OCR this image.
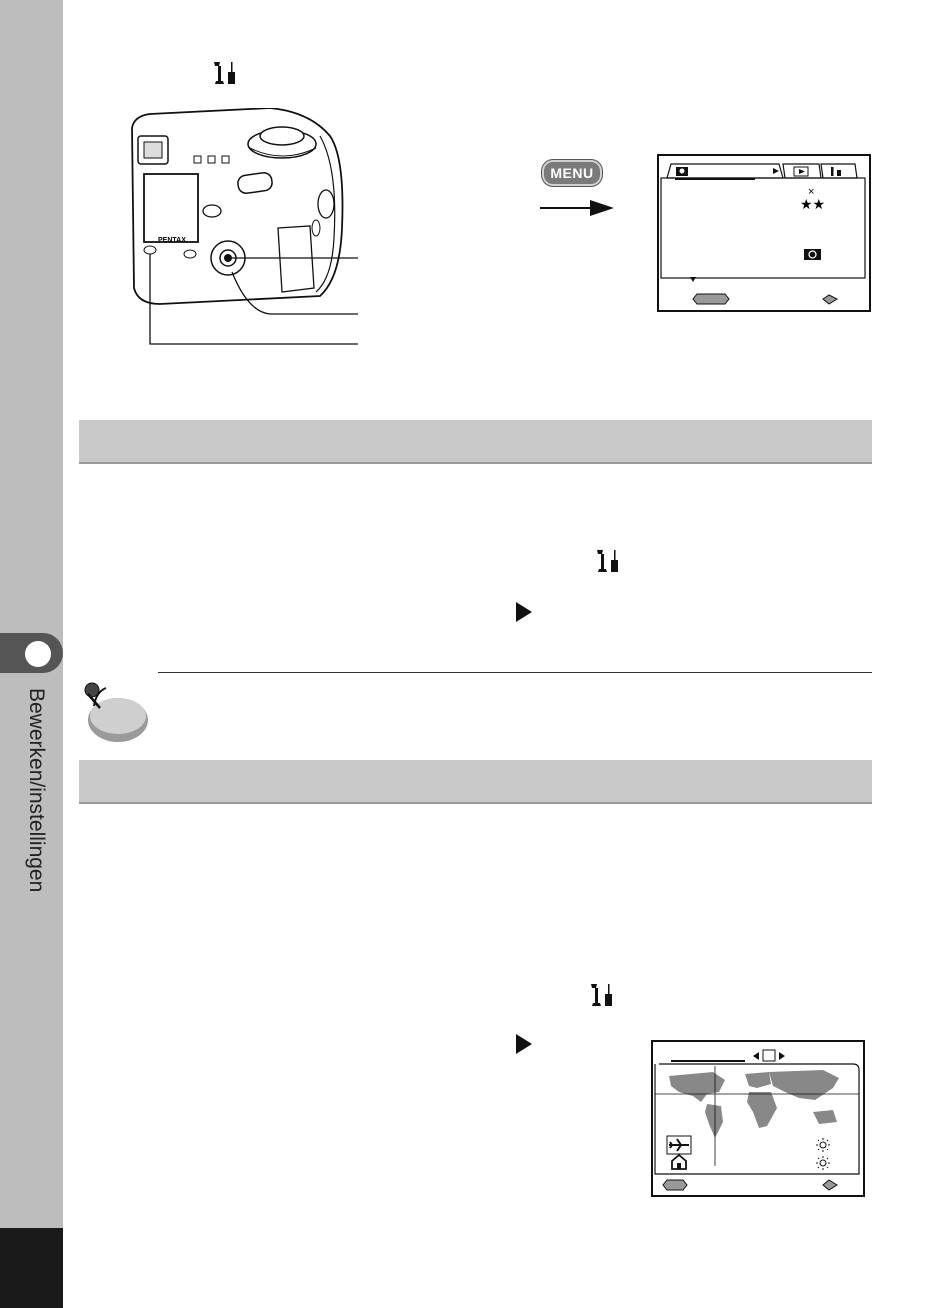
Bewerken/instellingen
PENTAX
MENU
×
★★
